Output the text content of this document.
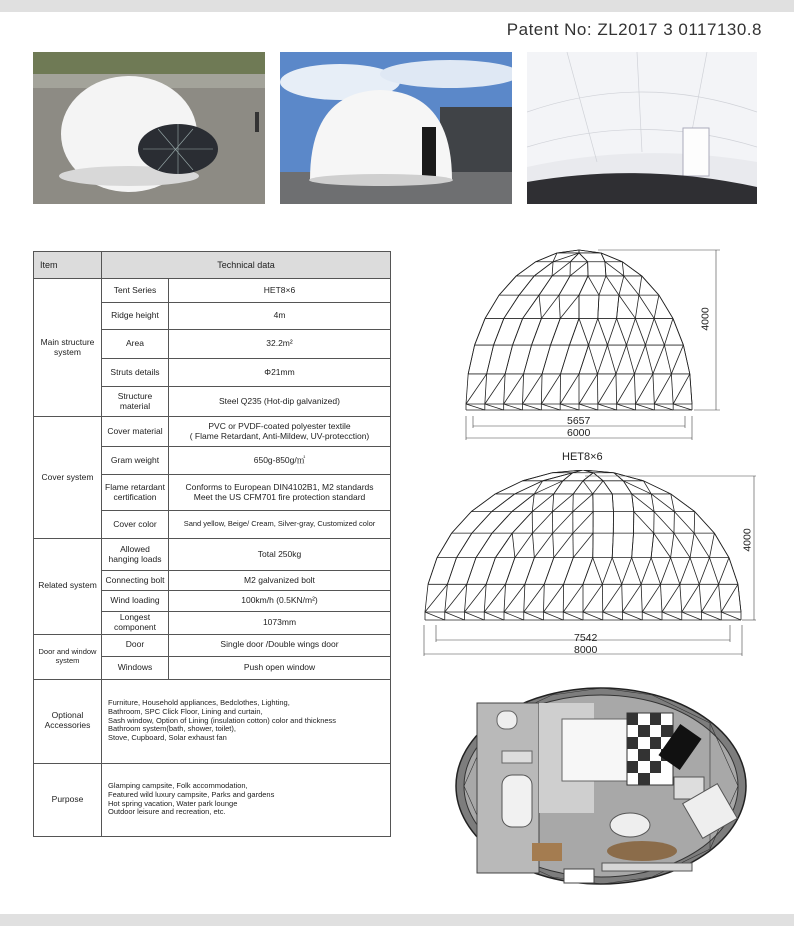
Patent No: ZL2017 3 0117130.8
Item	Technical data	
Main structure system	Tent Series	HET8×6
	Ridge height	4m
	Area	32.2m²
	Struts details	Φ21mm
	Structure material	Steel Q235 (Hot-dip galvanized)
Cover system	Cover material	PVC or PVDF-coated polyester textile
( Flame Retardant, Anti-Mildew, UV-protecction)

	Gram weight	650g-850g/㎡
	Flame retardant certification	Conforms to European DIN4102B1, M2 standards
Meet the US CFM701 fire protection standard

	Cover color	Sand yellow, Beige/ Cream, Silver-gray, Customized color
Related system	Allowed hanging loads	Total 250kg
	Connecting bolt	M2 galvanized bolt
	Wind loading	100km/h (0.5KN/m²)
	Longest component	1073mm
Door and window system	Door	Single door /Double wings door
	Windows	Push open window
Optional Accessories	Furniture, Household appliances, Bedclothes, Lighting,
Bathroom, SPC Click Floor, Lining and curtain,
Sash window, Option of Lining (insulation cotton) color and thickness
Bathroom system(bath, shower, toilet),
Stove, Cupboard, Solar exhaust fan	

Purpose	Glamping campsite, Folk accommodation,
Featured wild luxury campsite, Parks and gardens
Hot spring vacation, Water park lounge
Outdoor leisure and recreation, etc.	
5657
6000
4000
HET8×6
7542
8000
4000
